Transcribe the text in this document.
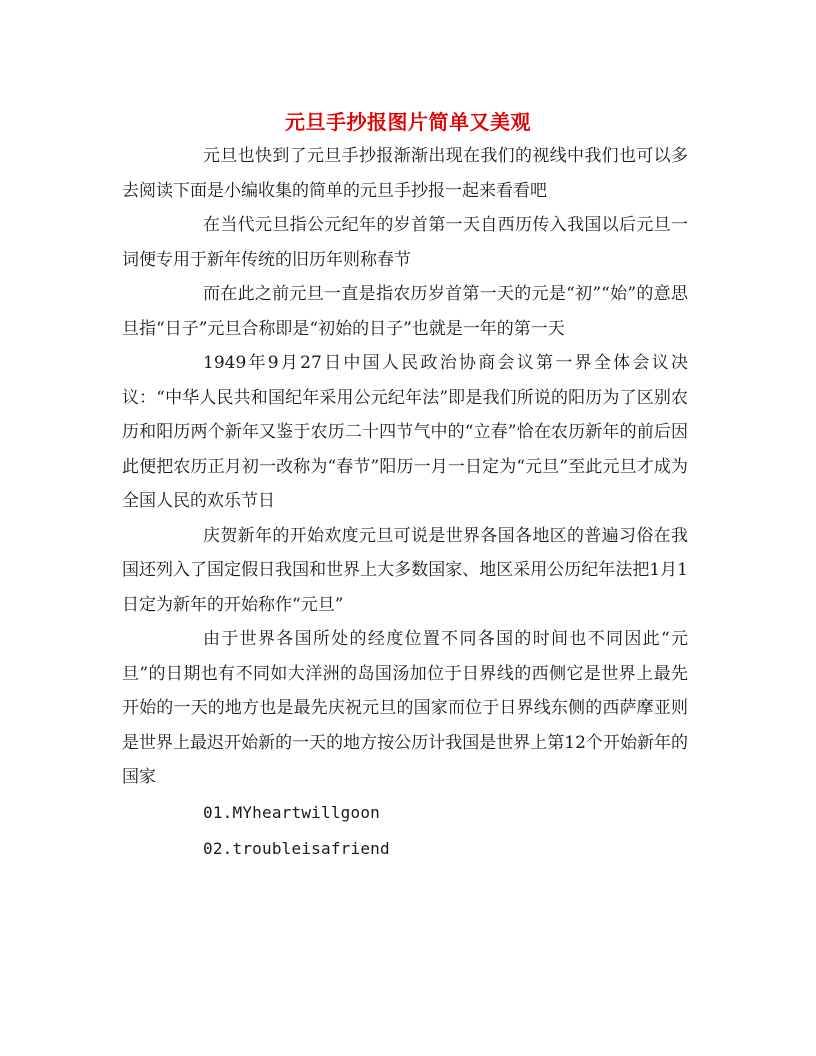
元旦手抄报图片简单又美观

元旦也快到了元旦手抄报渐渐出现在我们的视线中我们也可以多去阅读下面是小编收集的简单的元旦手抄报一起来看看吧

在当代元旦指公元纪年的岁首第一天自西历传入我国以后元旦一词便专用于新年传统的旧历年则称春节

而在此之前元旦一直是指农历岁首第一天的元是“初”“始”的意思旦指“日子”元旦合称即是“初始的日子”也就是一年的第一天

1949年9月27日中国人民政治协商会议第一界全体会议决议：“中华人民共和国纪年采用公元纪年法”即是我们所说的阳历为了区别农历和阳历两个新年又鉴于农历二十四节气中的“立春”恰在农历新年的前后因此便把农历正月初一改称为“春节”阳历一月一日定为“元旦”至此元旦才成为全国人民的欢乐节日

庆贺新年的开始欢度元旦可说是世界各国各地区的普遍习俗在我国还列入了国定假日我国和世界上大多数国家、地区采用公历纪年法把1月1日定为新年的开始称作“元旦”

由于世界各国所处的经度位置不同各国的时间也不同因此“元旦”的日期也有不同如大洋洲的岛国汤加位于日界线的西侧它是世界上最先开始的一天的地方也是最先庆祝元旦的国家而位于日界线东侧的西萨摩亚则是世界上最迟开始新的一天的地方按公历计我国是世界上第12个开始新年的国家

01.MYheartwillgoon

02.troubleisafriend
